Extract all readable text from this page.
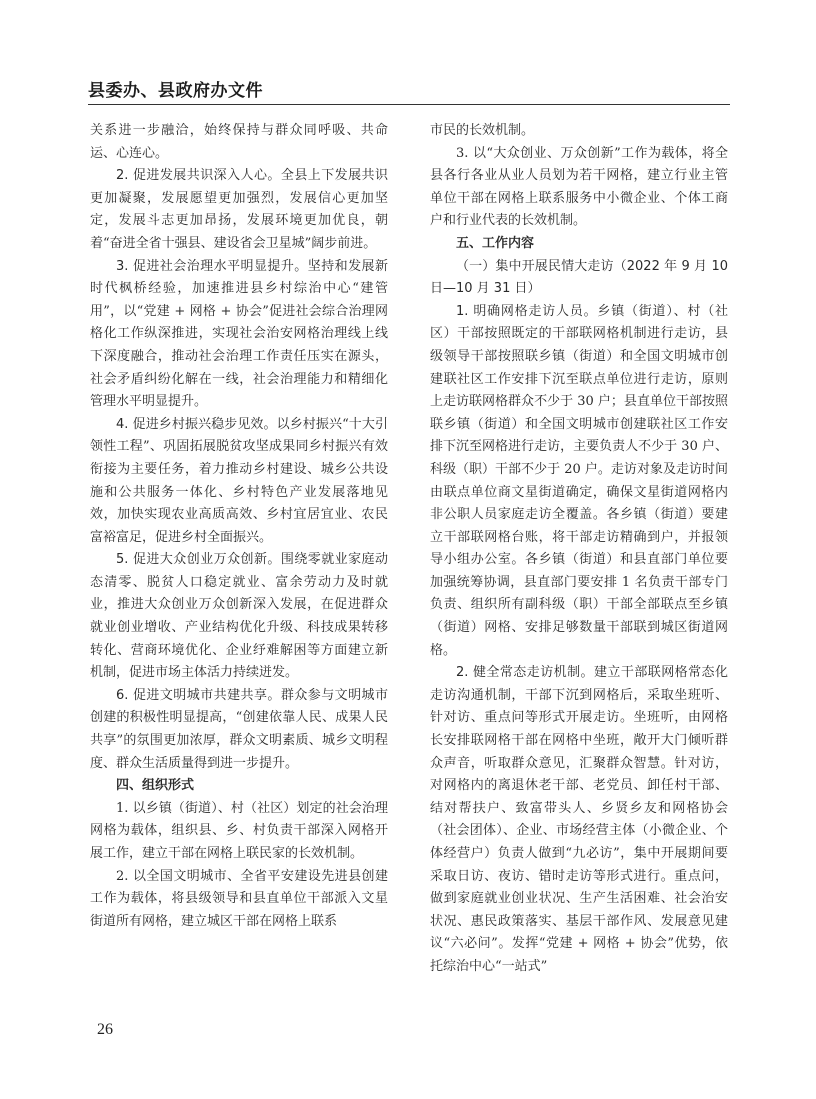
县委办、县政府办文件

关系进一步融洽，始终保持与群众同呼吸、共命运、心连心。

2. 促进发展共识深入人心。全县上下发展共识更加凝聚，发展愿望更加强烈，发展信心更加坚定，发展斗志更加昂扬，发展环境更加优良，朝着“奋进全省十强县、建设省会卫星城”阔步前进。

3. 促进社会治理水平明显提升。坚持和发展新时代枫桥经验，加速推进县乡村综治中心“建管用”，以“党建 + 网格 + 协会”促进社会综合治理网格化工作纵深推进，实现社会治安网格治理线上线下深度融合，推动社会治理工作责任压实在源头，社会矛盾纠纷化解在一线，社会治理能力和精细化管理水平明显提升。

4. 促进乡村振兴稳步见效。以乡村振兴“十大引领性工程”、巩固拓展脱贫攻坚成果同乡村振兴有效衔接为主要任务，着力推动乡村建设、城乡公共设施和公共服务一体化、乡村特色产业发展落地见效，加快实现农业高质高效、乡村宜居宜业、农民富裕富足，促进乡村全面振兴。

5. 促进大众创业万众创新。围绕零就业家庭动态清零、脱贫人口稳定就业、富余劳动力及时就业，推进大众创业万众创新深入发展，在促进群众就业创业增收、产业结构优化升级、科技成果转移转化、营商环境优化、企业纾难解困等方面建立新机制，促进市场主体活力持续迸发。

6. 促进文明城市共建共享。群众参与文明城市创建的积极性明显提高，“创建依靠人民、成果人民共享”的氛围更加浓厚，群众文明素质、城乡文明程度、群众生活质量得到进一步提升。

四、组织形式

1. 以乡镇（街道）、村（社区）划定的社会治理网格为载体，组织县、乡、村负责干部深入网格开展工作，建立干部在网格上联民家的长效机制。

2. 以全国文明城市、全省平安建设先进县创建工作为载体，将县级领导和县直单位干部派入文星街道所有网格，建立城区干部在网格上联系

市民的长效机制。

3. 以“大众创业、万众创新”工作为载体，将全县各行各业从业人员划为若干网格，建立行业主管单位干部在网格上联系服务中小微企业、个体工商户和行业代表的长效机制。

五、工作内容

（一）集中开展民情大走访（2022 年 9 月 10 日—10 月 31 日）

1. 明确网格走访人员。乡镇（街道）、村（社区）干部按照既定的干部联网格机制进行走访，县级领导干部按照联乡镇（街道）和全国文明城市创建联社区工作安排下沉至联点单位进行走访，原则上走访联网格群众不少于 30 户；县直单位干部按照联乡镇（街道）和全国文明城市创建联社区工作安排下沉至网格进行走访，主要负责人不少于 30 户、科级（职）干部不少于 20 户。走访对象及走访时间由联点单位商文星街道确定，确保文星街道网格内非公职人员家庭走访全覆盖。各乡镇（街道）要建立干部联网格台账，将干部走访精确到户，并报领导小组办公室。各乡镇（街道）和县直部门单位要加强统筹协调，县直部门要安排 1 名负责干部专门负责、组织所有副科级（职）干部全部联点至乡镇（街道）网格、安排足够数量干部联到城区街道网格。

2. 健全常态走访机制。建立干部联网格常态化走访沟通机制，干部下沉到网格后，采取坐班听、针对访、重点问等形式开展走访。坐班听，由网格长安排联网格干部在网格中坐班，敞开大门倾听群众声音，听取群众意见，汇聚群众智慧。针对访，对网格内的离退休老干部、老党员、卸任村干部、结对帮扶户、致富带头人、乡贤乡友和网格协会（社会团体）、企业、市场经营主体（小微企业、个体经营户）负责人做到“九必访”，集中开展期间要采取日访、夜访、错时走访等形式进行。重点问，做到家庭就业创业状况、生产生活困难、社会治安状况、惠民政策落实、基层干部作风、发展意见建议“六必问”。发挥“党建 + 网格 + 协会”优势，依托综治中心“一站式”

26
